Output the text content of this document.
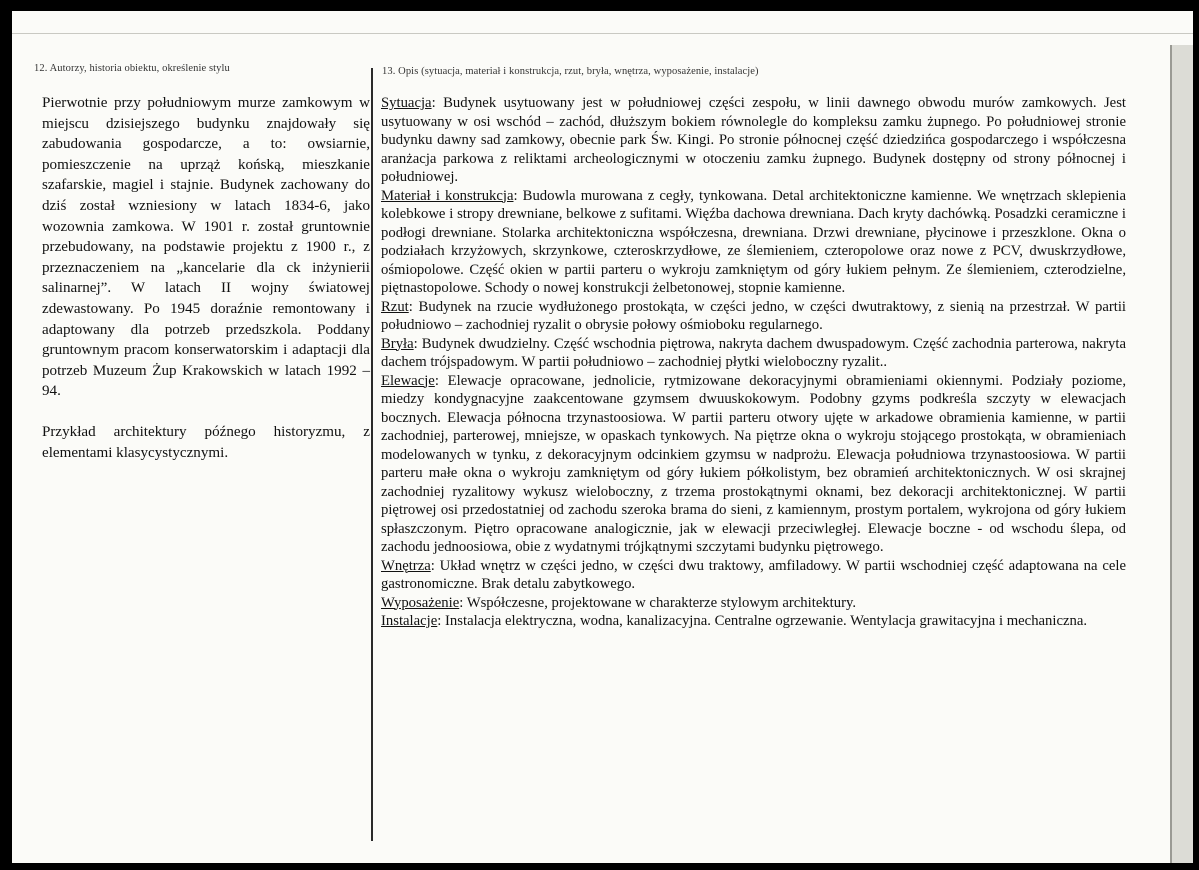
12. Autorzy, historia obiektu, określenie stylu	13. Opis (sytuacja, materiał i konstrukcja, rzut, bryła, wnętrza, wyposażenie, instalacje)

Pierwotnie przy południowym murze zamkowym w miejscu dzisiejszego budynku znajdowały się zabudowania gospodarcze, a to: owsiarnie, pomieszczenie na uprząż końską, mieszkanie szafarskie, magiel i stajnie. Budynek zachowany do dziś został wzniesiony w latach 1834-6, jako wozownia zamkowa. W 1901 r. został gruntownie przebudowany, na podstawie projektu z 1900 r., z przeznaczeniem na „kancelarie dla ck inżynierii salinarnej”. W latach II wojny światowej zdewastowany. Po 1945 doraźnie remontowany i adaptowany dla potrzeb przedszkola. Poddany gruntownym pracom konserwatorskim i adaptacji dla potrzeb Muzeum Żup Krakowskich w latach 1992 – 94.

Przykład architektury późnego historyzmu, z elementami klasycystycznymi.

Sytuacja: Budynek usytuowany jest w południowej części zespołu, w linii dawnego obwodu murów zamkowych. Jest usytuowany w osi wschód – zachód, dłuższym bokiem równolegle do kompleksu zamku żupnego. Po południowej stronie budynku dawny sad zamkowy, obecnie park Św. Kingi. Po stronie północnej część dziedzińca gospodarczego i współczesna aranżacja parkowa z reliktami archeologicznymi w otoczeniu zamku żupnego. Budynek dostępny od strony północnej i południowej.

Materiał i konstrukcja: Budowla murowana z cegły, tynkowana. Detal architektoniczne kamienne. We wnętrzach sklepienia kolebkowe i stropy drewniane, belkowe z sufitami. Więźba dachowa drewniana. Dach kryty dachówką. Posadzki ceramiczne i podłogi drewniane. Stolarka architektoniczna współczesna, drewniana. Drzwi drewniane, płycinowe i przeszklone. Okna o podziałach krzyżowych, skrzynkowe, czteroskrzydłowe, ze ślemieniem, czteropolowe oraz nowe z PCV, dwuskrzydłowe, ośmiopolowe. Część okien w partii parteru o wykroju zamkniętym od góry łukiem pełnym. Ze ślemieniem, czterodzielne, piętnastopolowe. Schody o nowej konstrukcji żelbetonowej, stopnie kamienne.

Rzut: Budynek na rzucie wydłużonego prostokąta, w części jedno, w części dwutraktowy, z sienią na przestrzał. W partii południowo – zachodniej ryzalit o obrysie połowy ośmioboku regularnego.

Bryła: Budynek dwudzielny. Część wschodnia piętrowa, nakryta dachem dwuspadowym. Część zachodnia parterowa, nakryta dachem trójspadowym. W partii południowo – zachodniej płytki wieloboczny ryzalit..

Elewacje: Elewacje opracowane, jednolicie, rytmizowane dekoracyjnymi obramieniami okiennymi. Podziały poziome, miedzy kondygnacyjne zaakcentowane gzymsem dwuuskokowym. Podobny gzyms podkreśla szczyty w elewacjach bocznych. Elewacja północna trzynastoosiowa. W partii parteru otwory ujęte w arkadowe obramienia kamienne, w partii zachodniej, parterowej, mniejsze, w opaskach tynkowych. Na piętrze okna o wykroju stojącego prostokąta, w obramieniach modelowanych w tynku, z dekoracyjnym odcinkiem gzymsu w nadprożu. Elewacja południowa trzynastoosiowa. W partii parteru małe okna o wykroju zamkniętym od góry łukiem półkolistym, bez obramień architektonicznych. W osi skrajnej zachodniej ryzalitowy wykusz wieloboczny, z trzema prostokątnymi oknami, bez dekoracji architektonicznej. W partii piętrowej osi przedostatniej od zachodu szeroka brama do sieni, z kamiennym, prostym portalem, wykrojona od góry łukiem spłaszczonym. Piętro opracowane analogicznie, jak w elewacji przeciwległej. Elewacje boczne - od wschodu ślepa, od zachodu jednoosiowa, obie z wydatnymi trójkątnymi szczytami budynku piętrowego.

Wnętrza: Układ wnętrz w części jedno, w części dwu traktowy, amfiladowy. W partii wschodniej część adaptowana na cele gastronomiczne. Brak detalu zabytkowego.

Wyposażenie: Współczesne, projektowane w charakterze stylowym architektury.

Instalacje: Instalacja elektryczna, wodna, kanalizacyjna. Centralne ogrzewanie. Wentylacja grawitacyjna i mechaniczna.
